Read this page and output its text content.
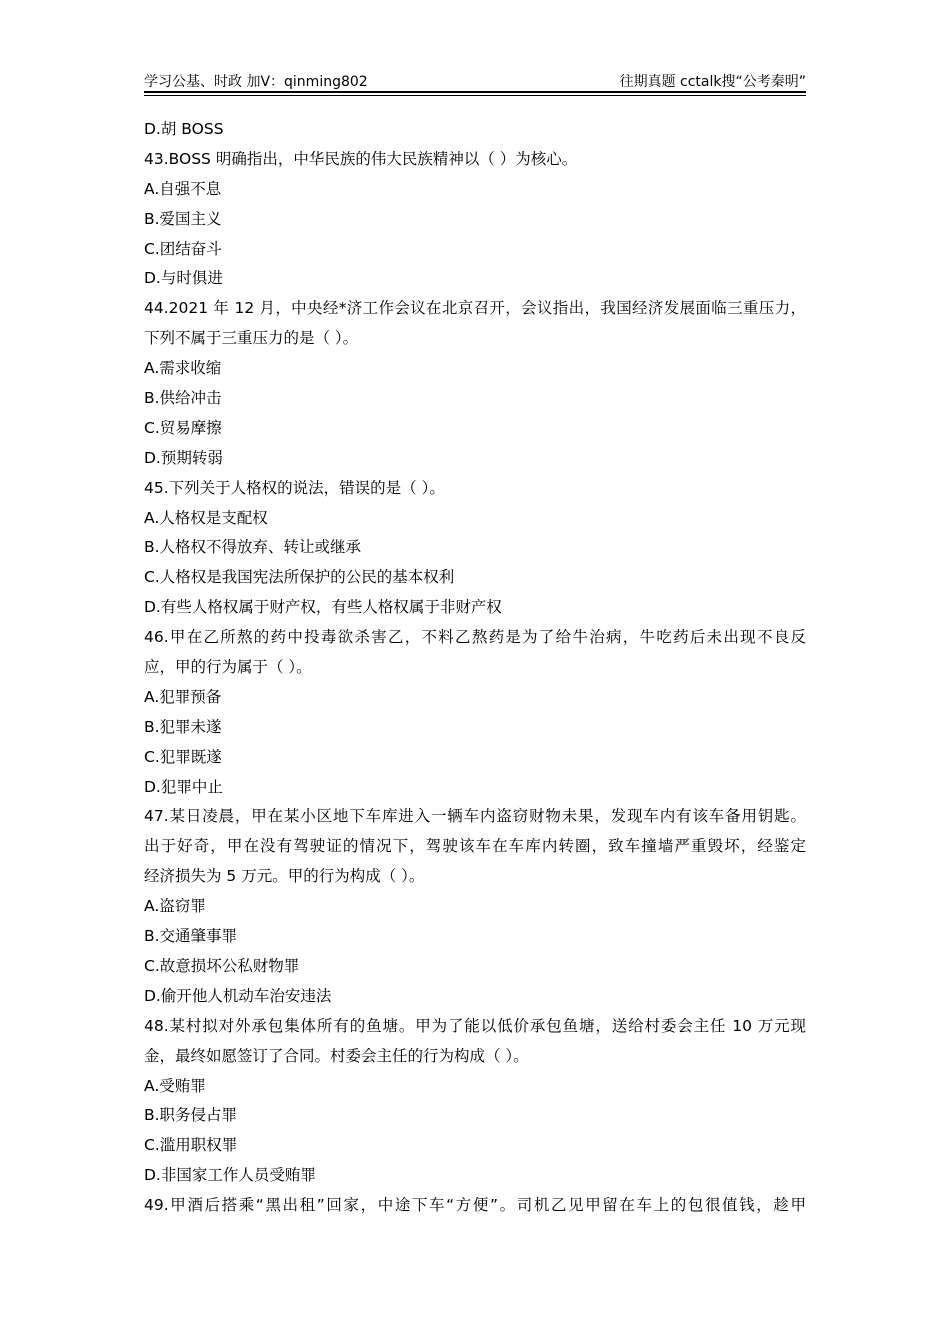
学习公基、时政 加V：qinming802	往期真题 cctalk搜“公考秦明”
D.胡 BOSS
43.BOSS 明确指出，中华民族的伟大民族精神以（ ）为核心。
A.自强不息
B.爱国主义
C.团结奋斗
D.与时俱进
44.2021 年 12 月，中央经*济工作会议在北京召开，会议指出，我国经济发展面临三重压力，
下列不属于三重压力的是（ ）。
A.需求收缩
B.供给冲击
C.贸易摩擦
D.预期转弱
45.下列关于人格权的说法，错误的是（ ）。
A.人格权是支配权
B.人格权不得放弃、转让或继承
C.人格权是我国宪法所保护的公民的基本权利
D.有些人格权属于财产权，有些人格权属于非财产权
46.甲在乙所熬的药中投毒欲杀害乙，不料乙熬药是为了给牛治病，牛吃药后未出现不良反
应，甲的行为属于（ ）。
A.犯罪预备
B.犯罪未遂
C.犯罪既遂
D.犯罪中止
47.某日凌晨，甲在某小区地下车库进入一辆车内盗窃财物未果，发现车内有该车备用钥匙。
出于好奇，甲在没有驾驶证的情况下，驾驶该车在车库内转圈，致车撞墙严重毁坏，经鉴定
经济损失为 5 万元。甲的行为构成（ ）。
A.盗窃罪
B.交通肇事罪
C.故意损坏公私财物罪
D.偷开他人机动车治安违法
48.某村拟对外承包集体所有的鱼塘。甲为了能以低价承包鱼塘，送给村委会主任 10 万元现
金，最终如愿签订了合同。村委会主任的行为构成（ ）。
A.受贿罪
B.职务侵占罪
C.滥用职权罪
D.非国家工作人员受贿罪
49.甲酒后搭乘“黑出租”回家，中途下车“方便”。司机乙见甲留在车上的包很值钱，趁甲
